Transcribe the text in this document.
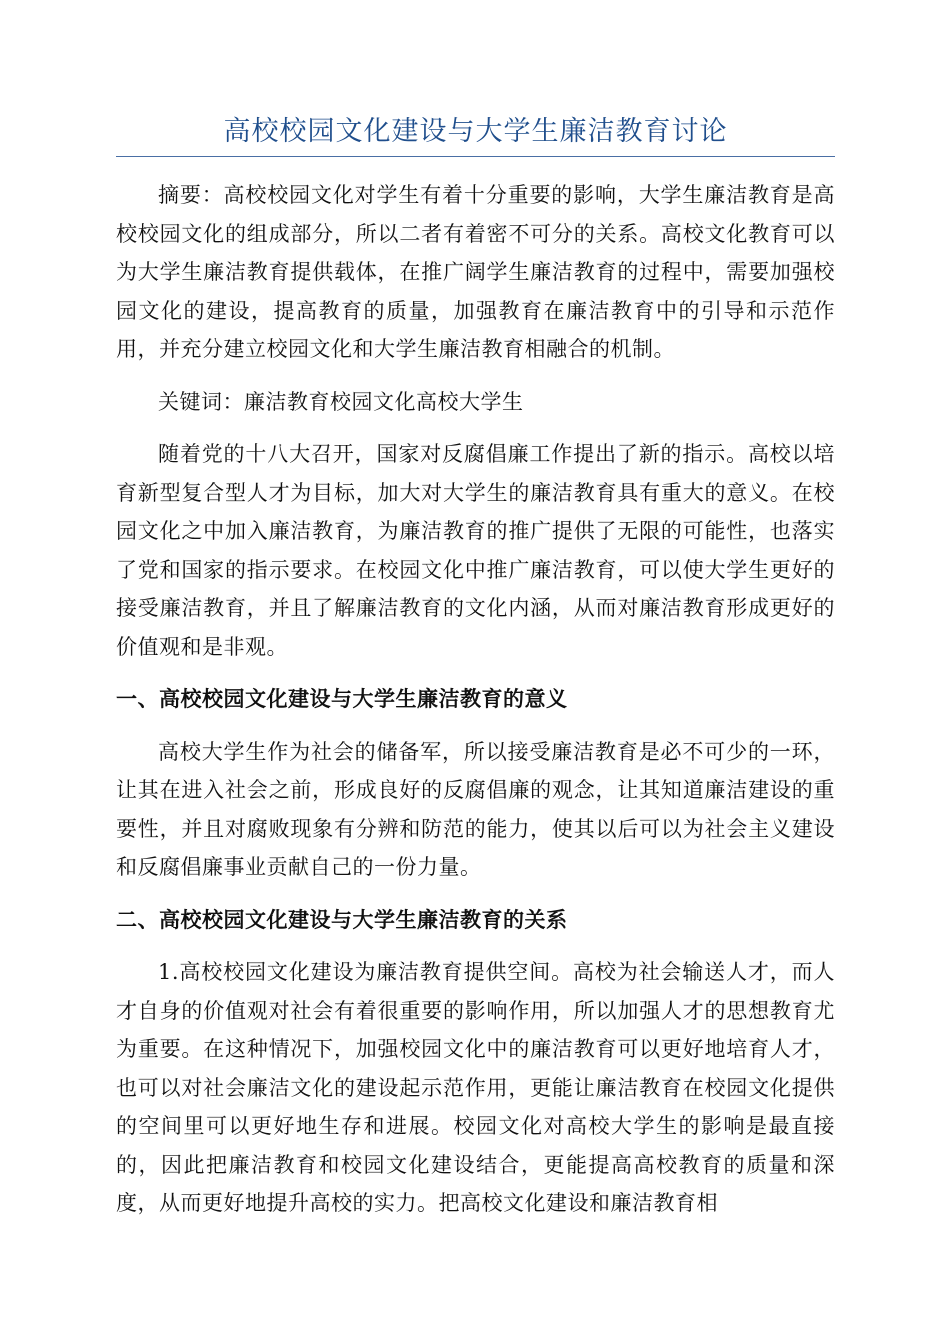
高校校园文化建设与大学生廉洁教育讨论

摘要：高校校园文化对学生有着十分重要的影响，大学生廉洁教育是高校校园文化的组成部分，所以二者有着密不可分的关系。高校文化教育可以为大学生廉洁教育提供载体，在推广阔学生廉洁教育的过程中，需要加强校园文化的建设，提高教育的质量，加强教育在廉洁教育中的引导和示范作用，并充分建立校园文化和大学生廉洁教育相融合的机制。

关键词：廉洁教育校园文化高校大学生

随着党的十八大召开，国家对反腐倡廉工作提出了新的指示。高校以培育新型复合型人才为目标，加大对大学生的廉洁教育具有重大的意义。在校园文化之中加入廉洁教育，为廉洁教育的推广提供了无限的可能性，也落实了党和国家的指示要求。在校园文化中推广廉洁教育，可以使大学生更好的接受廉洁教育，并且了解廉洁教育的文化内涵，从而对廉洁教育形成更好的价值观和是非观。

一、高校校园文化建设与大学生廉洁教育的意义

高校大学生作为社会的储备军，所以接受廉洁教育是必不可少的一环，让其在进入社会之前，形成良好的反腐倡廉的观念，让其知道廉洁建设的重要性，并且对腐败现象有分辨和防范的能力，使其以后可以为社会主义建设和反腐倡廉事业贡献自己的一份力量。

二、高校校园文化建设与大学生廉洁教育的关系

1.高校校园文化建设为廉洁教育提供空间。高校为社会输送人才，而人才自身的价值观对社会有着很重要的影响作用，所以加强人才的思想教育尤为重要。在这种情况下，加强校园文化中的廉洁教育可以更好地培育人才，也可以对社会廉洁文化的建设起示范作用，更能让廉洁教育在校园文化提供的空间里可以更好地生存和进展。校园文化对高校大学生的影响是最直接的，因此把廉洁教育和校园文化建设结合，更能提高高校教育的质量和深度，从而更好地提升高校的实力。把高校文化建设和廉洁教育相
